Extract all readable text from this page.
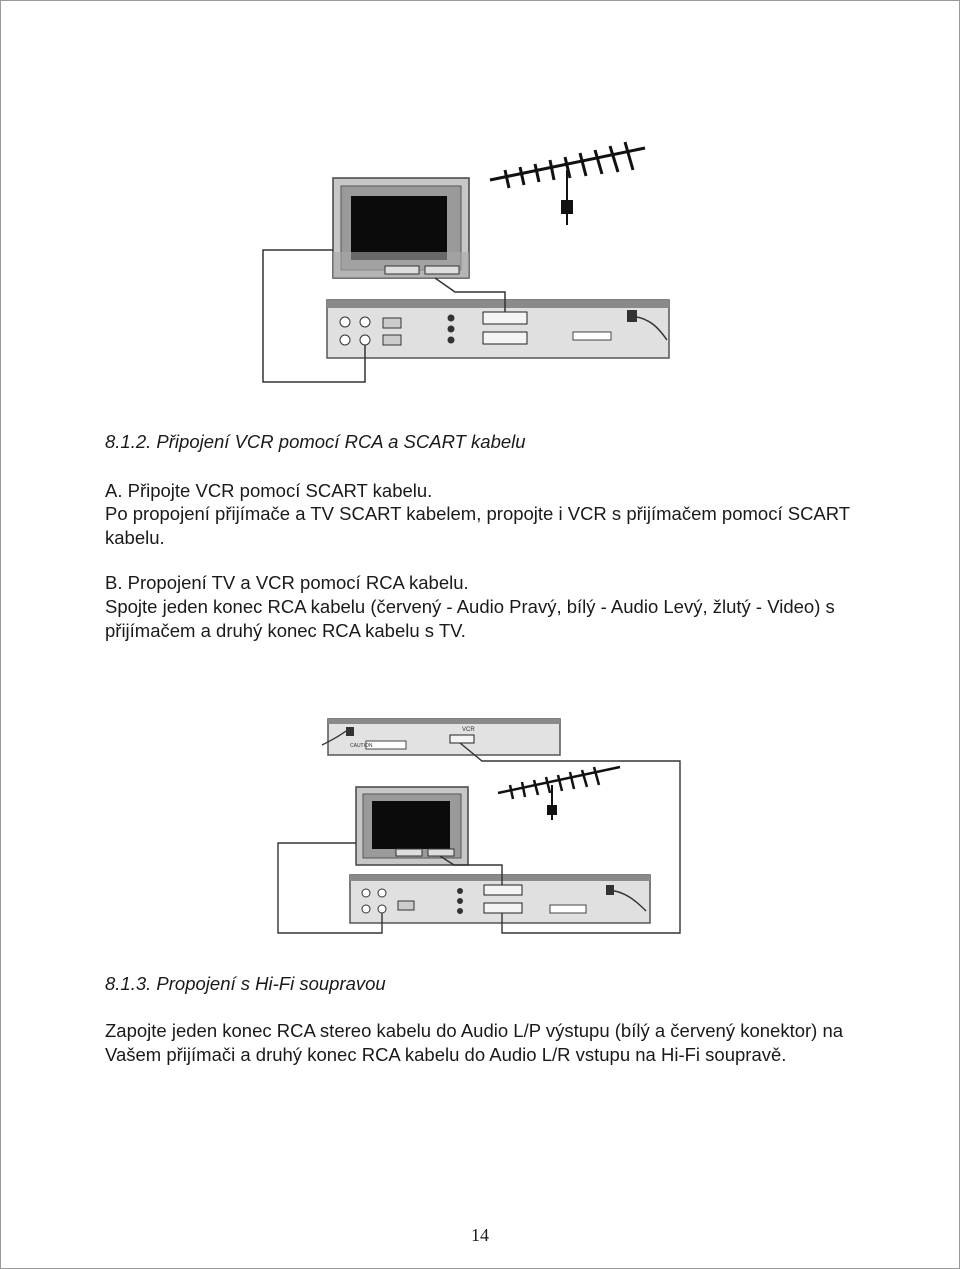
8.1.2. Připojení VCR pomocí RCA a SCART kabelu
A. Připojte VCR pomocí SCART kabelu.
Po propojení přijímače a TV SCART kabelem, propojte i VCR s přijímačem pomocí SCART kabelu.
B. Propojení TV a VCR pomocí RCA kabelu.
Spojte jeden konec RCA kabelu (červený - Audio Pravý, bílý - Audio Levý, žlutý - Video) s přijímačem a druhý konec RCA kabelu s TV.
CAUTION
VCR
8.1.3. Propojení s Hi-Fi soupravou
Zapojte jeden konec RCA stereo kabelu do Audio L/P výstupu (bílý a červený konektor) na Vašem přijímači a druhý konec RCA kabelu do Audio L/R vstupu na Hi-Fi soupravě.
14
